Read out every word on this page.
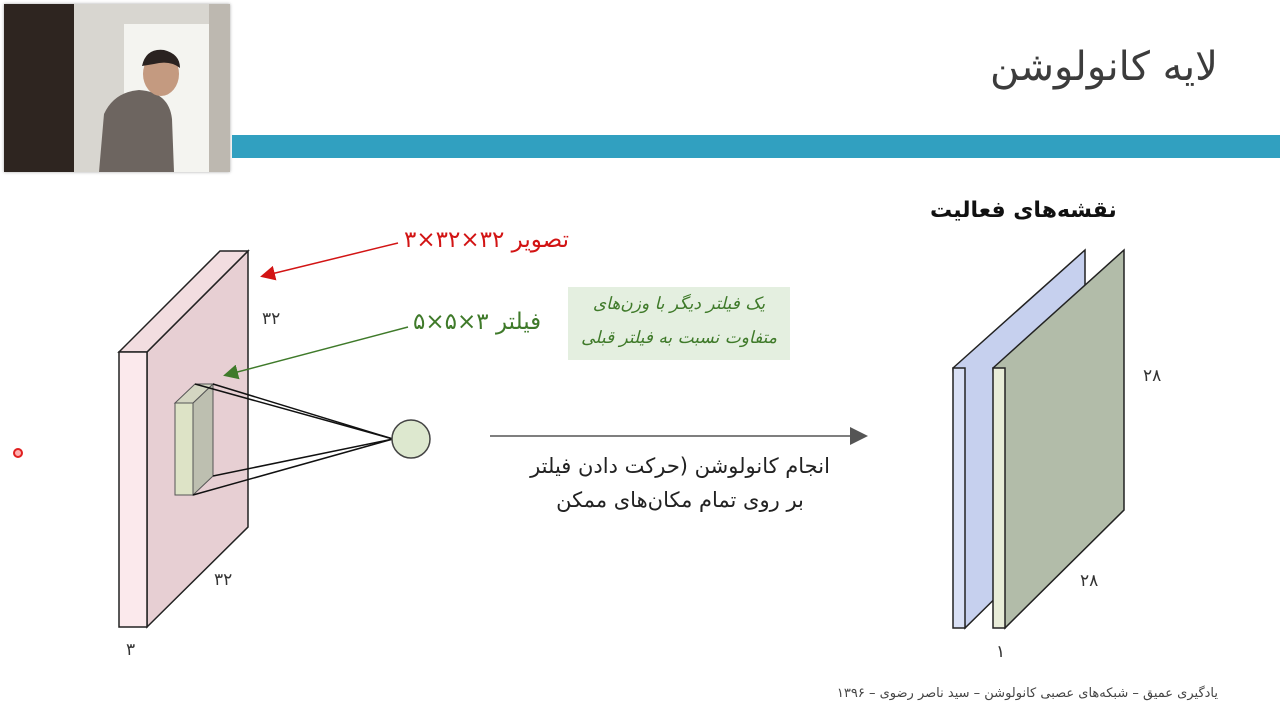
لایه کانولوشن
نقشه‌های فعالیت
تصویر ۳۲×۳۲×۳
فیلتر ۳×۵×۵
یک فیلتر دیگر با وزن‌های
متفاوت نسبت به فیلتر قبلی
انجام کانولوشن (حرکت دادن فیلتر
بر روی تمام مکان‌های ممکن
۳۲
۳۲
۳
۲۸
۲۸
۱
یادگیری عمیق – شبکه‌های عصبی کانولوشن – سید ناصر رضوی – ۱۳۹۶
